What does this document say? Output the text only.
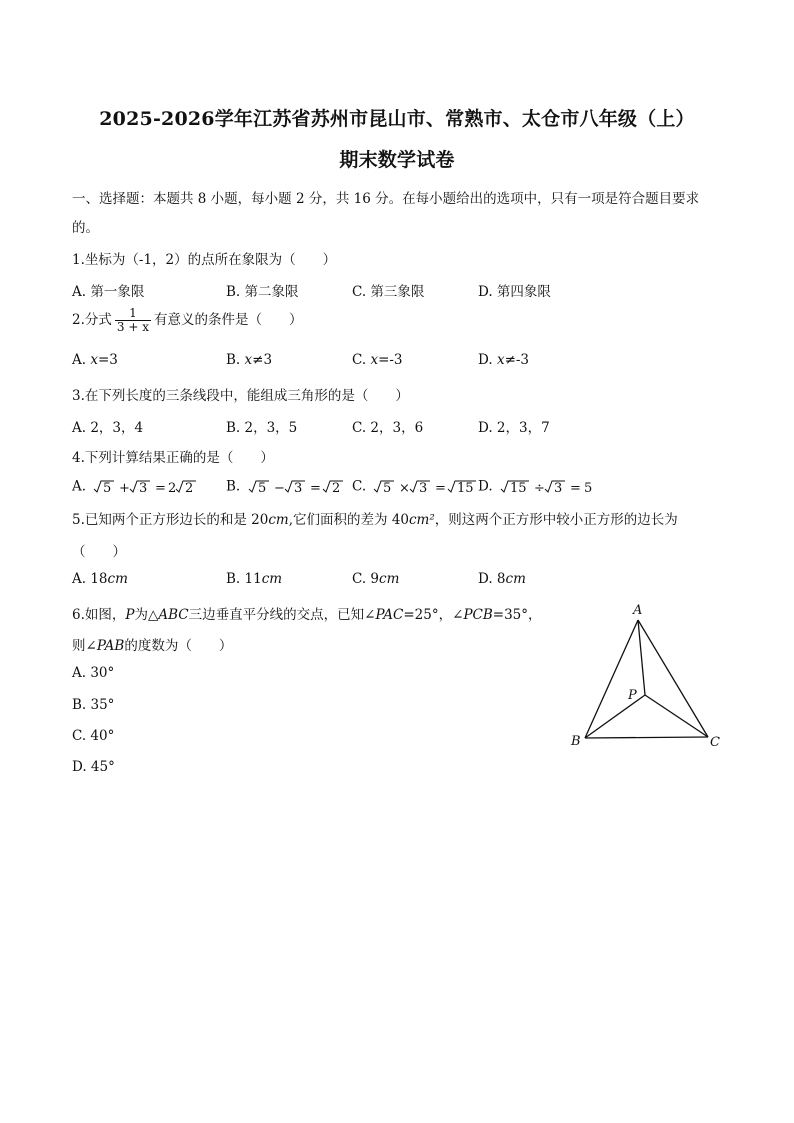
2025-2026学年江苏省苏州市昆山市、常熟市、太仓市八年级（上）
期末数学试卷
一、选择题：本题共 8 小题，每小题 2 分，共 16 分。在每小题给出的选项中，只有一项是符合题目要求
的。
1.坐标为（-1，2）的点所在象限为（　　）
A. 第一象限	B. 第二象限	C. 第三象限	D. 第四象限
2.分式 $\frac{1}{3 + x}$ 有意义的条件是（　　）
A. x=3	B. x≠3	C. x=-3	D. x≠-3
3.在下列长度的三条线段中，能组成三角形的是（　　）
A. 2，3，4	B. 2，3，5	C. 2，3，6	D. 2，3，7
4.下列计算结果正确的是（　　）
A. 5 + 3 = 2 2 B. 5 − 3 = 2 C. 5 × 3 = 15 D. 15 ÷ 3 = 5
5.已知两个正方形边长的和是 20cm,它们面积的差为 40cm²，则这两个正方形中较小正方形的边长为
（　　）
A. 18cm	B. 11cm	C. 9cm	D. 8cm
6.如图，P为△ABC三边垂直平分线的交点，已知∠PAC=25°，∠PCB=35°，
则∠PAB的度数为（　　）
A. 30°
B. 35°
C. 40°
D. 45°
A
B	C
P
